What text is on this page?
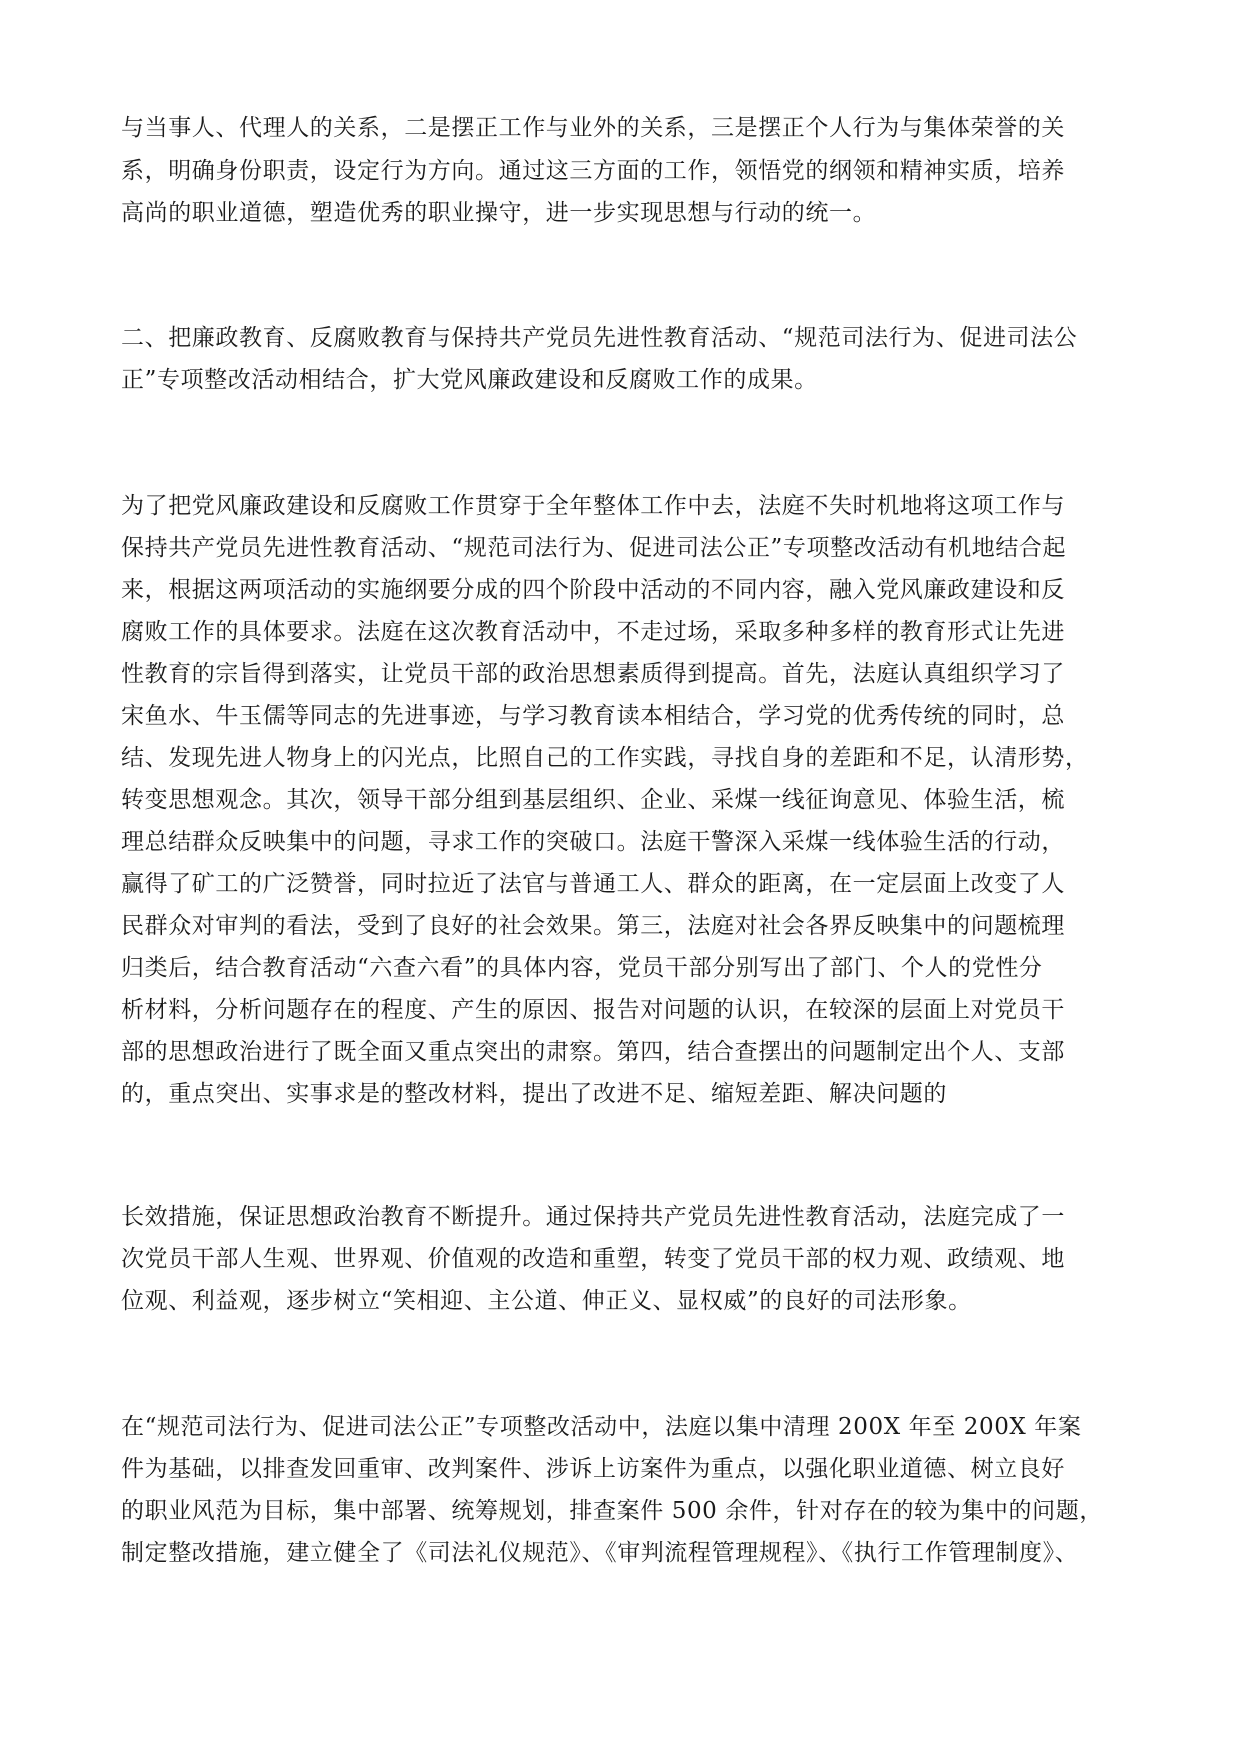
与当事人、代理人的关系，二是摆正工作与业外的关系，三是摆正个人行为与集体荣誉的关
系，明确身份职责，设定行为方向。通过这三方面的工作，领悟党的纲领和精神实质，培养
高尚的职业道德，塑造优秀的职业操守，进一步实现思想与行动的统一。
二、把廉政教育、反腐败教育与保持共产党员先进性教育活动、“规范司法行为、促进司法公
正”专项整改活动相结合，扩大党风廉政建设和反腐败工作的成果。
为了把党风廉政建设和反腐败工作贯穿于全年整体工作中去，法庭不失时机地将这项工作与
保持共产党员先进性教育活动、“规范司法行为、促进司法公正”专项整改活动有机地结合起
来，根据这两项活动的实施纲要分成的四个阶段中活动的不同内容，融入党风廉政建设和反
腐败工作的具体要求。法庭在这次教育活动中，不走过场，采取多种多样的教育形式让先进
性教育的宗旨得到落实，让党员干部的政治思想素质得到提高。首先，法庭认真组织学习了
宋鱼水、牛玉儒等同志的先进事迹，与学习教育读本相结合，学习党的优秀传统的同时，总
结、发现先进人物身上的闪光点，比照自己的工作实践，寻找自身的差距和不足，认清形势，
转变思想观念。其次，领导干部分组到基层组织、企业、采煤一线征询意见、体验生活，梳
理总结群众反映集中的问题，寻求工作的突破口。法庭干警深入采煤一线体验生活的行动，
赢得了矿工的广泛赞誉，同时拉近了法官与普通工人、群众的距离，在一定层面上改变了人
民群众对审判的看法，受到了良好的社会效果。第三，法庭对社会各界反映集中的问题梳理
归类后，结合教育活动“六查六看”的具体内容，党员干部分别写出了部门、个人的党性分
析材料，分析问题存在的程度、产生的原因、报告对问题的认识，在较深的层面上对党员干
部的思想政治进行了既全面又重点突出的肃察。第四，结合查摆出的问题制定出个人、支部
的，重点突出、实事求是的整改材料，提出了改进不足、缩短差距、解决问题的
长效措施，保证思想政治教育不断提升。通过保持共产党员先进性教育活动，法庭完成了一
次党员干部人生观、世界观、价值观的改造和重塑，转变了党员干部的权力观、政绩观、地
位观、利益观，逐步树立“笑相迎、主公道、伸正义、显权威”的良好的司法形象。
在“规范司法行为、促进司法公正”专项整改活动中，法庭以集中清理 200X 年至 200X 年案
件为基础，以排查发回重审、改判案件、涉诉上访案件为重点，以强化职业道德、树立良好
的职业风范为目标，集中部署、统筹规划，排查案件 500 余件，针对存在的较为集中的问题，
制定整改措施，建立健全了《司法礼仪规范》、《审判流程管理规程》、《执行工作管理制度》、
